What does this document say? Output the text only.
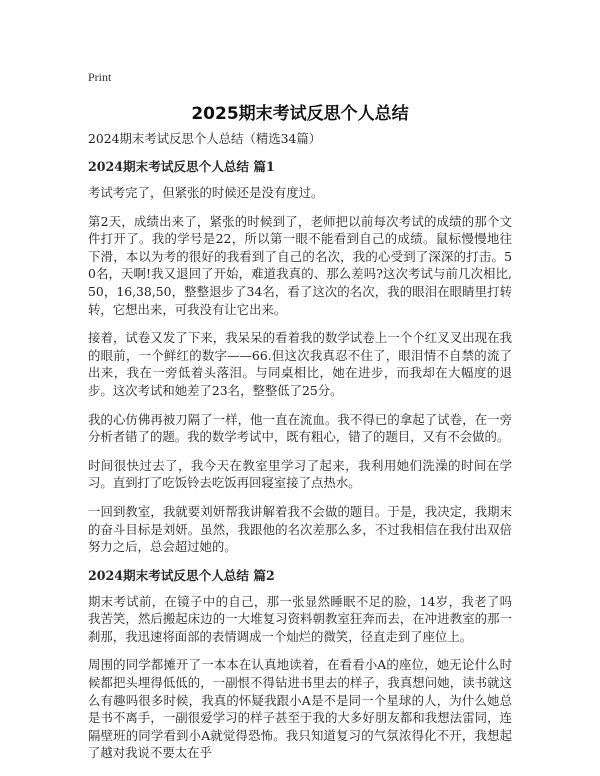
Print
2025期末考试反思个人总结

2024期末考试反思个人总结（精选34篇）

2024期末考试反思个人总结 篇1

考试考完了，但紧张的时候还是没有度过。

第2天，成绩出来了，紧张的时候到了，老师把以前每次考试的成绩的那个文件打开了。我的学号是22，所以第一眼不能看到自己的成绩。鼠标慢慢地往下滑，本以为考的很好的我看到了自己的名次，我的心受到了深深的打击。50名，天啊!我又退回了开始，难道我真的、那么差吗?这次考试与前几次相比,50，16,38,50，整整退步了34名，看了这次的名次，我的眼泪在眼睛里打转转，它想出来，可我没有让它出来。

接着，试卷又发了下来，我呆呆的看着我的数学试卷上一个个红叉叉出现在我的眼前，一个鲜红的数字——66.但这次我真忍不住了，眼泪情不自禁的流了出来，我在一旁低着头落泪。与同桌相比，她在进步，而我却在大幅度的退步。这次考试和她差了23名，整整低了25分。

我的心仿佛再被刀隔了一样，他一直在流血。我不得已的拿起了试卷，在一旁分析者错了的题。我的数学考试中，既有粗心，错了的题目，又有不会做的。

时间很快过去了，我今天在教室里学习了起来，我利用她们洗澡的时间在学习。直到打了吃饭铃去吃饭再回寝室接了点热水。

一回到教室，我就要刘妍帮我讲解着我不会做的题目。于是，我决定，我期末的奋斗目标是刘妍。虽然，我跟他的名次差那么多，不过我相信在我付出双倍努力之后，总会超过她的。

2024期末考试反思个人总结 篇2

期末考试前，在镜子中的自己，那一张显然睡眠不足的脸，14岁，我老了吗我苦笑，然后搬起床边的一大堆复习资料朝教室狂奔而去，在冲进教室的那一刹那，我迅速将面部的表情调成一个灿烂的微笑，径直走到了座位上。

周围的同学都摊开了一本本在认真地读着，在看看小A的座位，她无论什么时候都把头埋得低低的，一副恨不得钻进书里去的样子，我真想问她，读书就这么有趣吗很多时候，我真的怀疑我跟小A是不是同一个星球的人，为什么她总是书不离手，一副很爱学习的样子甚至于我的大多好朋友都和我想法雷同，连隔壁班的同学看到小A就觉得恐怖。我只知道复习的气氛浓得化不开，我想起了越对我说不要太在乎
